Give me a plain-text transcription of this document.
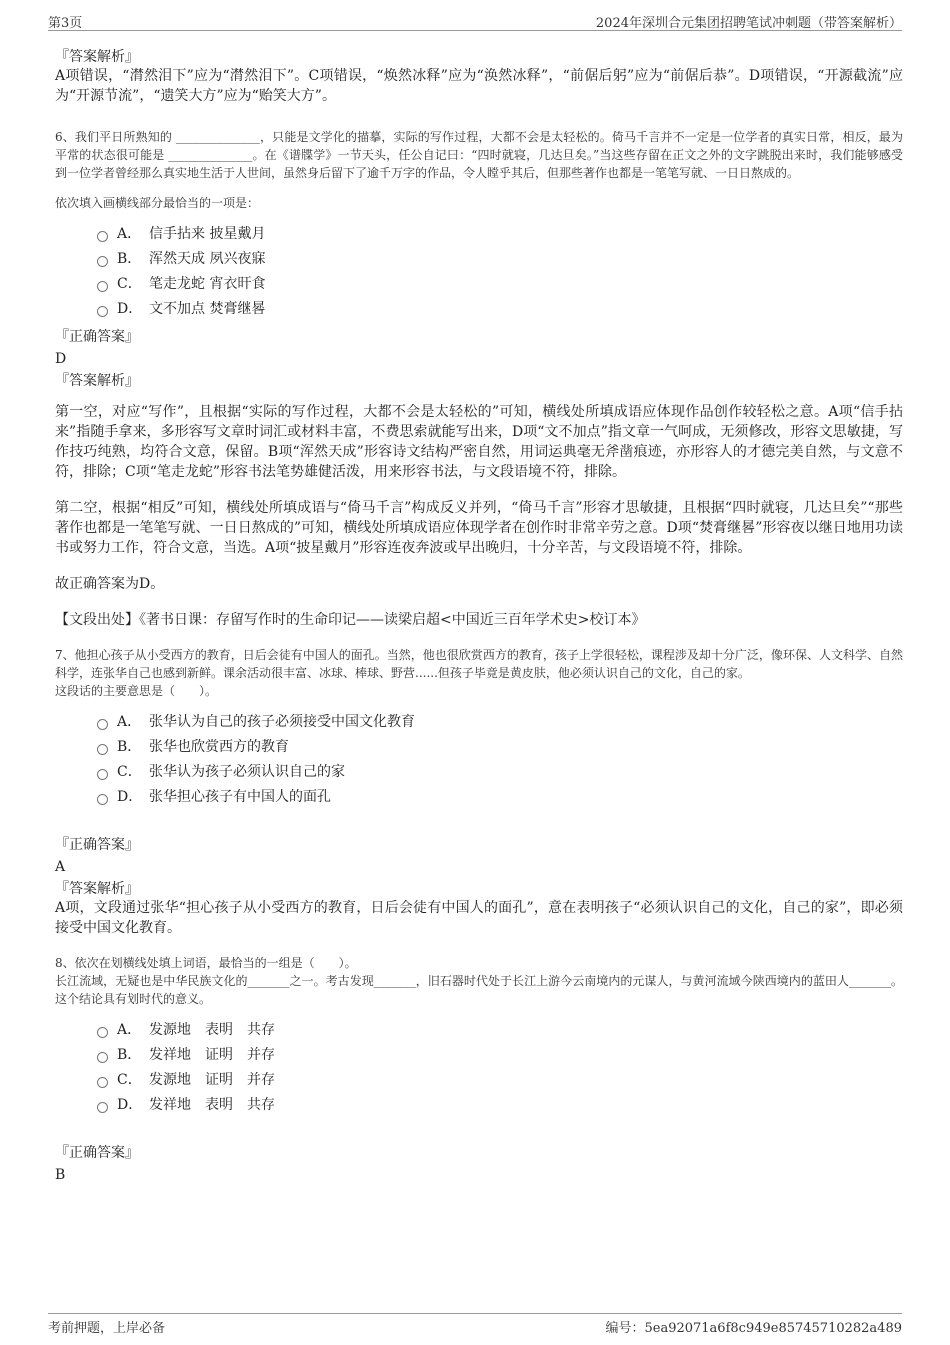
第3页	2024年深圳合元集团招聘笔试冲刺题（带答案解析）
『答案解析』

A项错误，“潸然泪下”应为“潸然泪下”。C项错误，“焕然冰释”应为“涣然冰释”，“前倨后躬”应为“前倨后恭”。D项错误，“开源截流”应为“开源节流”，“遗笑大方”应为“贻笑大方”。

6、我们平日所熟知的 ______________，只能是文学化的描摹，实际的写作过程，大都不会是太轻松的。倚马千言并不一定是一位学者的真实日常，相反，最为平常的状态很可能是 ______________。在《谱牒学》一节天头，任公自记曰：“四时就寝，几达旦矣。”当这些存留在正文之外的文字跳脱出来时，我们能够感受到一位学者曾经那么真实地生活于人世间，虽然身后留下了逾千万字的作品，令人瞠乎其后，但那些著作也都是一笔笔写就、一日日熬成的。

依次填入画横线部分最恰当的一项是：

A． 信手拈来 披星戴月
B． 浑然天成 夙兴夜寐
C． 笔走龙蛇 宵衣旰食
D． 文不加点 焚膏继晷
『正确答案』
D
『答案解析』

第一空，对应“写作”，且根据“实际的写作过程，大都不会是太轻松的”可知，横线处所填成语应体现作品创作较轻松之意。A项“信手拈来”指随手拿来，多形容写文章时词汇或材料丰富，不费思索就能写出来，D项“文不加点”指文章一气呵成，无须修改，形容文思敏捷，写作技巧纯熟，均符合文意，保留。B项“浑然天成”形容诗文结构严密自然，用词运典毫无斧凿痕迹，亦形容人的才德完美自然，与文意不符，排除；C项“笔走龙蛇”形容书法笔势雄健活泼，用来形容书法，与文段语境不符，排除。

第二空，根据“相反”可知，横线处所填成语与“倚马千言”构成反义并列，“倚马千言”形容才思敏捷，且根据“四时就寝，几达旦矣”“那些著作也都是一笔笔写就、一日日熬成的”可知，横线处所填成语应体现学者在创作时非常辛劳之意。D项“焚膏继晷”形容夜以继日地用功读书或努力工作，符合文意，当选。A项“披星戴月”形容连夜奔波或早出晚归，十分辛苦，与文段语境不符，排除。

故正确答案为D。

【文段出处】《著书日课：存留写作时的生命印记——读梁启超<中国近三百年学术史>校订本》

7、他担心孩子从小受西方的教育，日后会徒有中国人的面孔。当然，他也很欣赏西方的教育，孩子上学很轻松，课程涉及却十分广泛，像环保、人文科学、自然科学，连张华自己也感到新鲜。课余活动很丰富、冰球、棒球、野营......但孩子毕竟是黄皮肤，他必须认识自己的文化，自己的家。

这段话的主要意思是（　　）。

A． 张华认为自己的孩子必须接受中国文化教育
B． 张华也欣赏西方的教育
C． 张华认为孩子必须认识自己的家
D． 张华担心孩子有中国人的面孔
『正确答案』
A
『答案解析』

A项，文段通过张华“担心孩子从小受西方的教育，日后会徒有中国人的面孔”，意在表明孩子“必须认识自己的文化，自己的家”，即必须接受中国文化教育。

8、依次在划横线处填上词语，最恰当的一组是（　　）。

长江流域，无疑也是中华民族文化的_______之一。考古发现_______，旧石器时代处于长江上游今云南境内的元谋人，与黄河流域今陕西境内的蓝田人_______。这个结论具有划时代的意义。

A． 发源地　表明　共存
B． 发祥地　证明　并存
C． 发源地　证明　并存
D． 发祥地　表明　共存
『正确答案』
B
考前押题，上岸必备	编号：5ea92071a6f8c949e85745710282a489
